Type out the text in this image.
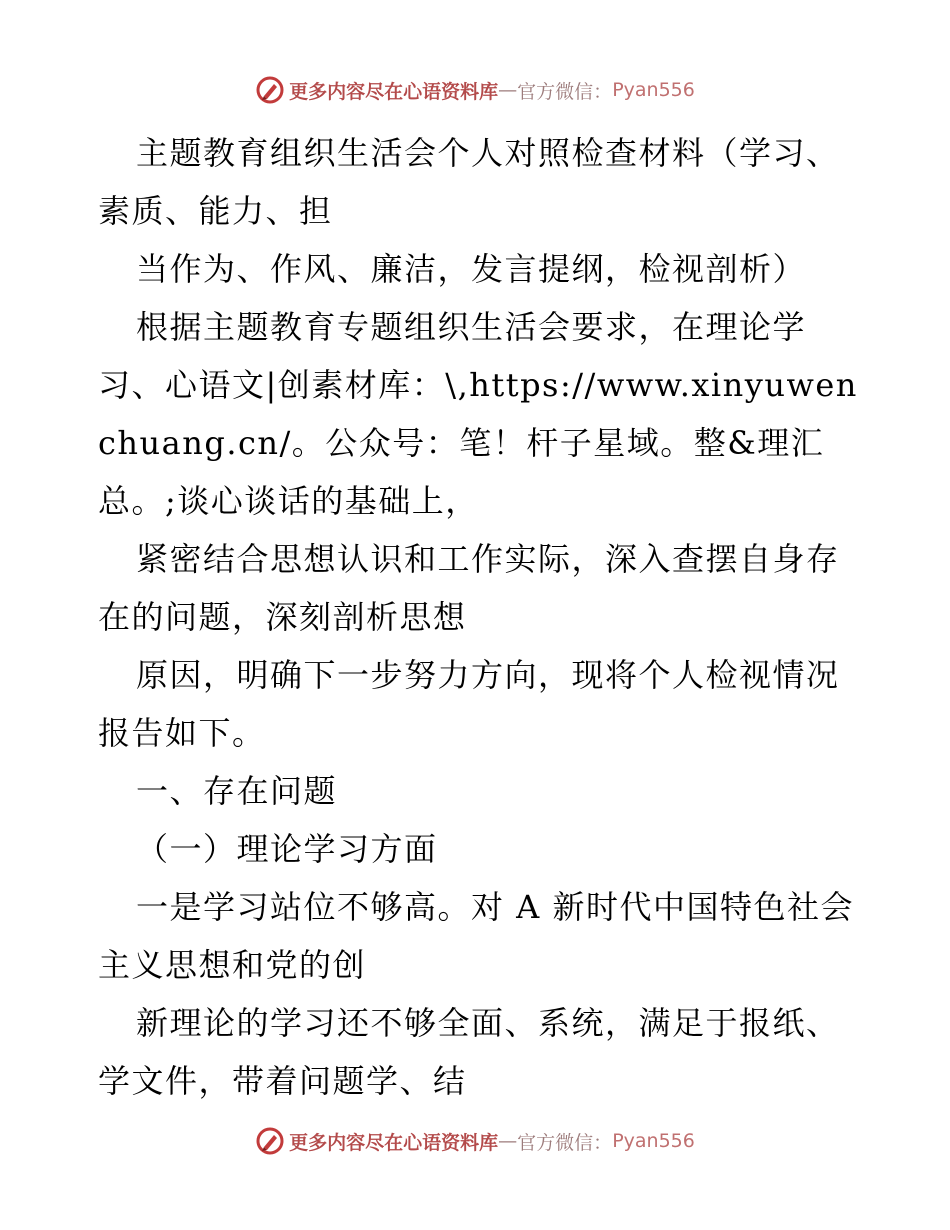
更多内容尽在心语资料库 — 官方微信： Pyan556

主题教育组织生活会个人对照检查材料（学习、素质、能力、担

当作为、作风、廉洁，发言提纲，检视剖析）

根据主题教育专题组织生活会要求，在理论学习、心语文|创素材库：\,https://www.xinyuwenchuang.cn/。公众号：笔！杆子星域。整&理汇总。;谈心谈话的基础上，

紧密结合思想认识和工作实际，深入查摆自身存在的问题，深刻剖析思想

原因，明确下一步努力方向，现将个人检视情况报告如下。

一、存在问题

（一）理论学习方面

一是学习站位不够高。对 A 新时代中国特色社会主义思想和党的创

新理论的学习还不够全面、系统，满足于报纸、学文件，带着问题学、结

更多内容尽在心语资料库 — 官方微信： Pyan556
